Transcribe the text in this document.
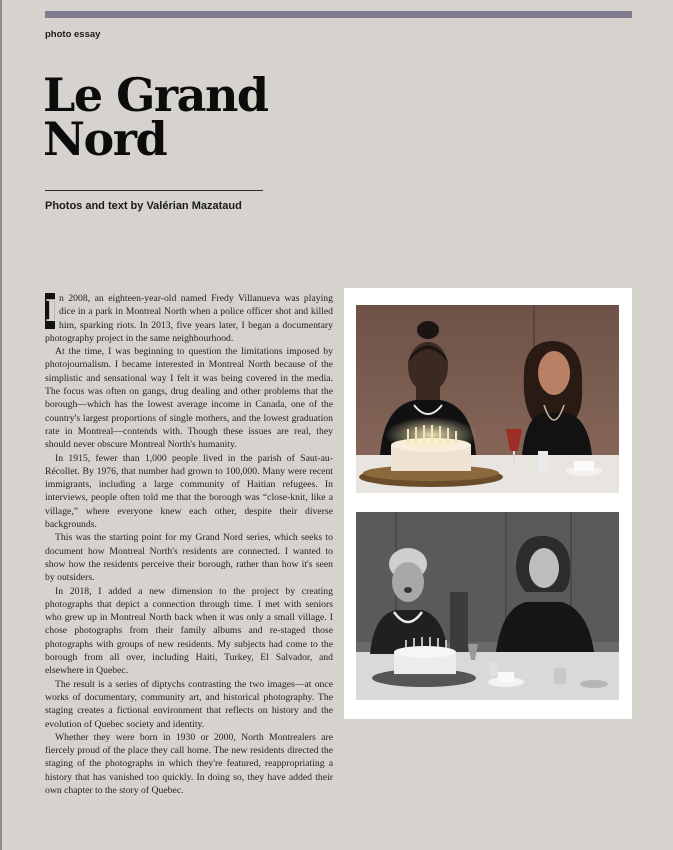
photo essay
Le Grand
Nord
Photos and text by Valérian Mazataud

I n 2008, an eighteen-year-old named Fredy Villanueva was playing dice in a park in Montreal North when a police officer shot and killed him, sparking riots. In 2013, five years later, I began a documentary photography project in the same neighbourhood.

At the time, I was beginning to question the limitations imposed by photojournalism. I became interested in Montreal North because of the simplistic and sensational way I felt it was being covered in the media. The focus was often on gangs, drug dealing and other problems that the borough—which has the lowest average income in Canada, one of the country's largest proportions of single mothers, and the lowest graduation rate in Montreal—contends with. Though these issues are real, they should never obscure Montreal North's humanity.

In 1915, fewer than 1,000 people lived in the parish of Saut-au-Récollet. By 1976, that number had grown to 100,000. Many were recent immigrants, including a large community of Haitian refugees. In interviews, people often told me that the borough was “close-knit, like a village,” where everyone knew each other, despite their diverse backgrounds.

This was the starting point for my Grand Nord series, which seeks to document how Montreal North's residents are connected. I wanted to show how the residents perceive their borough, rather than how it's seen by outsiders.

In 2018, I added a new dimension to the project by creating photographs that depict a connection through time. I met with seniors who grew up in Montreal North back when it was only a small village. I chose photographs from their family albums and re-staged those photographs with groups of new residents. My subjects had come to the borough from all over, including Haiti, Turkey, El Salvador, and elsewhere in Quebec.

The result is a series of diptychs contrasting the two images—at once works of documentary, community art, and historical photography. The staging creates a fictional environment that reflects on history and the evolution of Quebec society and identity.

Whether they were born in 1930 or 2000, North Montrealers are fiercely proud of the place they call home. The new residents directed the staging of the photographs in which they're featured, reappropriating a history that has vanished too quickly. In doing so, they have added their own chapter to the story of Quebec.
